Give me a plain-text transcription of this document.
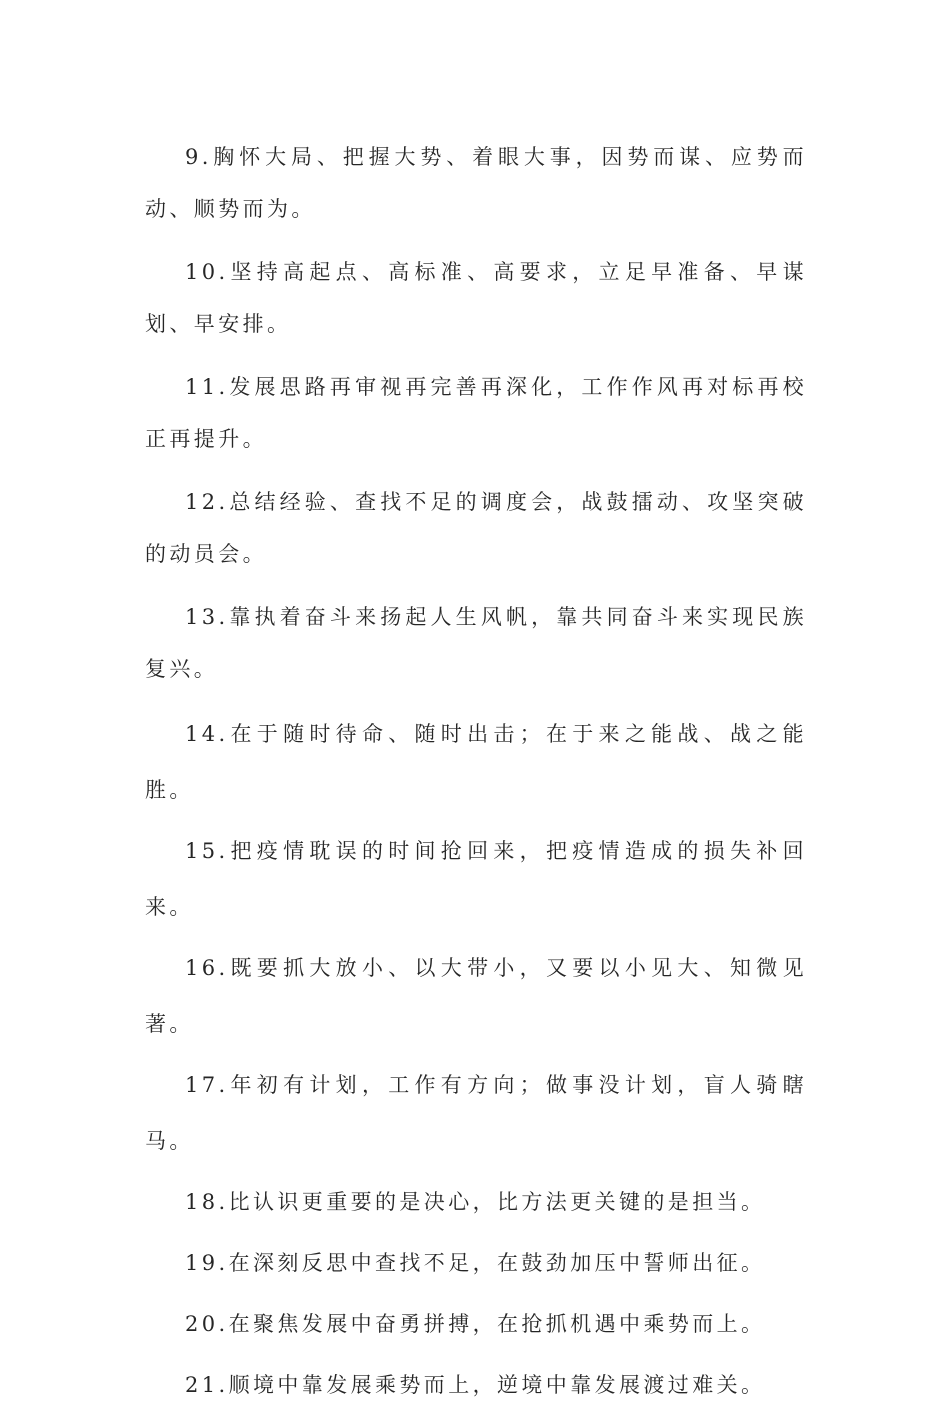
9.胸怀大局、把握大势、着眼大事，因势而谋、应势而动、顺势而为。

10.坚持高起点、高标准、高要求，立足早准备、早谋划、早安排。

11.发展思路再审视再完善再深化，工作作风再对标再校正再提升。

12.总结经验、查找不足的调度会，战鼓擂动、攻坚突破的动员会。

13.靠执着奋斗来扬起人生风帆，靠共同奋斗来实现民族复兴。

14.在于随时待命、随时出击；在于来之能战、战之能胜。

15.把疫情耽误的时间抢回来，把疫情造成的损失补回来。

16.既要抓大放小、以大带小，又要以小见大、知微见著。

17.年初有计划，工作有方向；做事没计划，盲人骑瞎马。

18.比认识更重要的是决心，比方法更关键的是担当。

19.在深刻反思中查找不足，在鼓劲加压中誓师出征。

20.在聚焦发展中奋勇拼搏，在抢抓机遇中乘势而上。

21.顺境中靠发展乘势而上，逆境中靠发展渡过难关。
